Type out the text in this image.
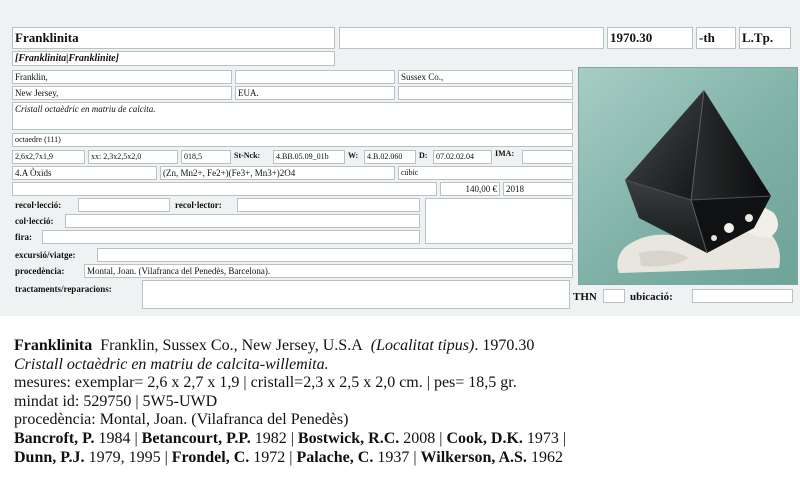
Franklinita	1970.30	-th	L.Tp.
[Franklinita|Franklinite]
Franklin,	Sussex Co.,
New Jersey,	EUA.
Cristall octaèdric en matriu de calcita.
octaedre (111)
2,6x2,7x1,9	xx: 2,3x2,5x2,0	018,5	St-Nck:	4.BB.05.09_01b	W:	4.B.02.060	D:	07.02.02.04	IMA:
4.A Òxids	(Zn, Mn2+, Fe2+)(Fe3+, Mn3+)2O4	cúbic
140,00 €	2018
recol·lecció:	recol·lector:
col·lecció:
fira:
excursió/viatge:
procedència:	Montal, Joan. (Vilafranca del Penedès, Barcelona).
tractaments/reparacions:
THN	ubicació:
Franklinita Franklin, Sussex Co., New Jersey, U.S.A (Localitat tipus). 1970.30
Cristall octaèdric en matriu de calcita-willemita.
mesures: exemplar= 2,6 x 2,7 x 1,9 | cristall=2,3 x 2,5 x 2,0 cm. | pes= 18,5 gr.
mindat id: 529750 | 5W5-UWD
procedència: Montal, Joan. (Vilafranca del Penedès)
Bancroft, P. 1984 | Betancourt, P.P. 1982 | Bostwick, R.C. 2008 | Cook, D.K. 1973 |
Dunn, P.J. 1979, 1995 | Frondel, C. 1972 | Palache, C. 1937 | Wilkerson, A.S. 1962
